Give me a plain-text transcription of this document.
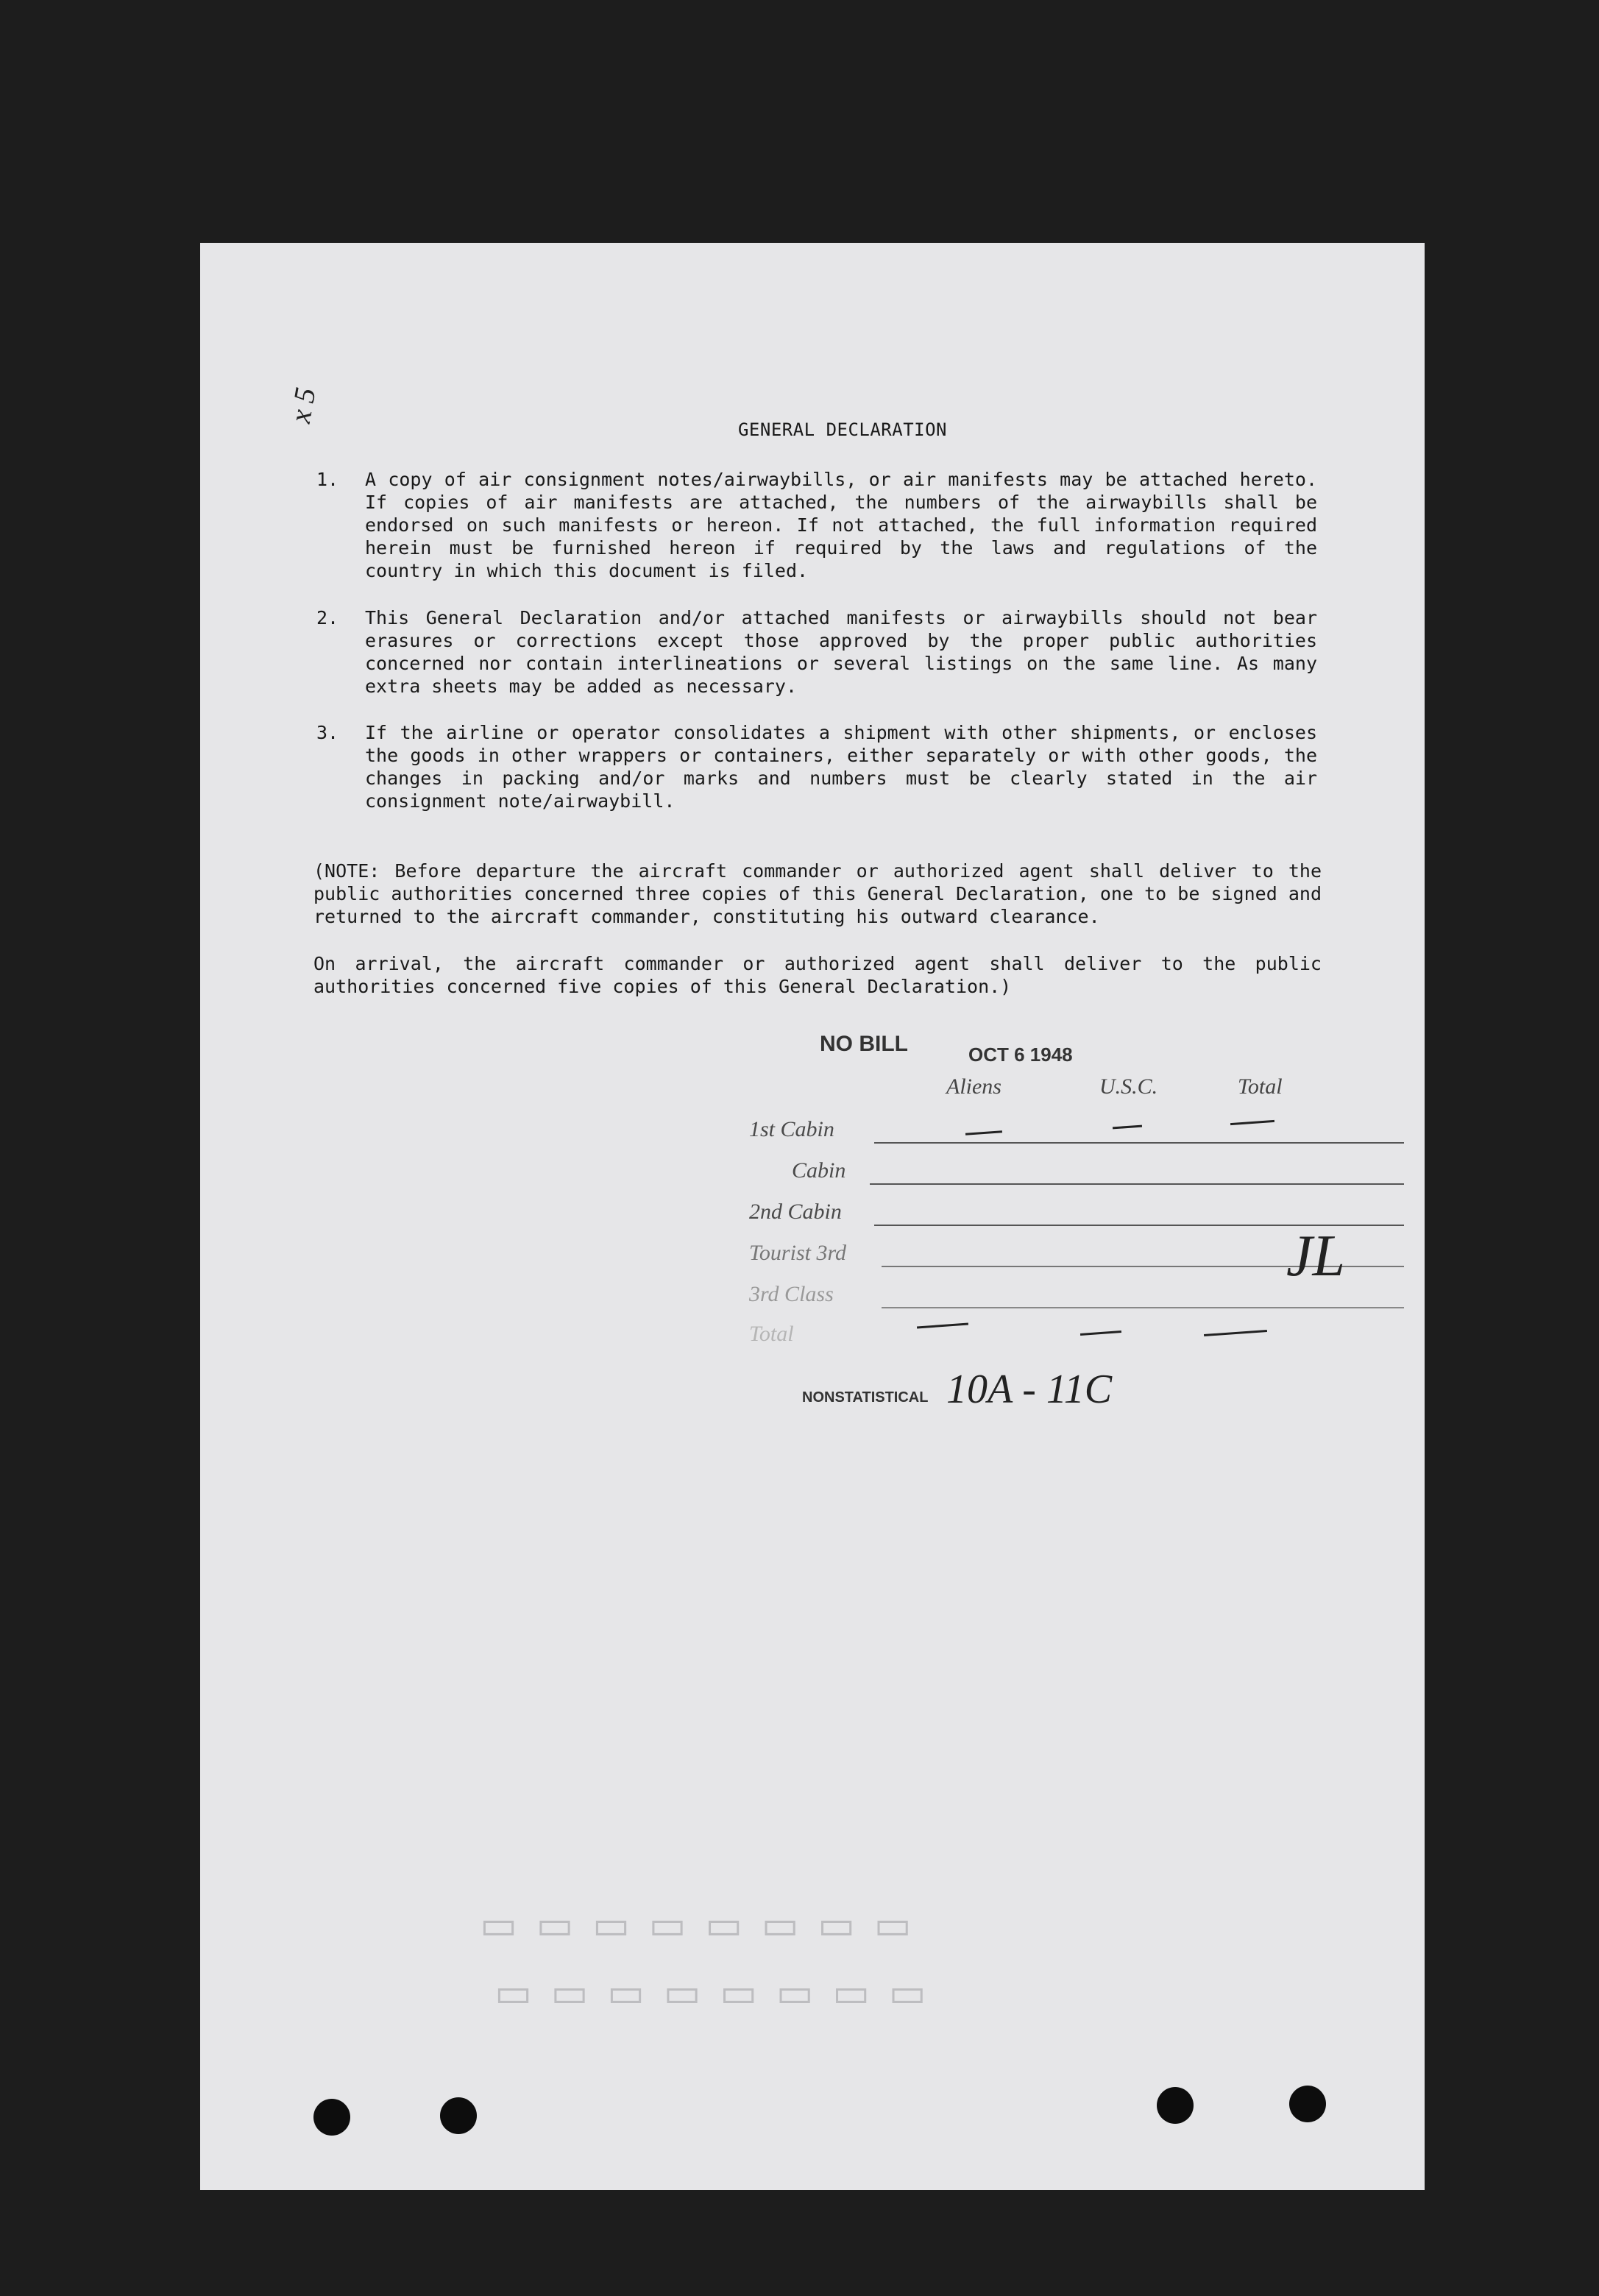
x 5
GENERAL DECLARATION
1.	A copy of air consignment notes/airwaybills, or air manifests may be attached hereto. If copies of air manifests are attached, the numbers of the airwaybills shall be endorsed on such manifests or hereon. If not attached, the full information required herein must be furnished hereon if required by the laws and regulations of the country in which this document is filed.
2.	This General Declaration and/or attached manifests or airwaybills should not bear erasures or corrections except those approved by the proper public authorities concerned nor contain interlineations or several listings on the same line. As many extra sheets may be added as necessary.
3.	If the airline or operator consolidates a shipment with other shipments, or encloses the goods in other wrappers or containers, either separately or with other goods, the changes in packing and/or marks and numbers must be clearly stated in the air consignment note/airwaybill.
(NOTE: Before departure the aircraft commander or authorized agent shall deliver to the public authorities concerned three copies of this General Declaration, one to be signed and returned to the aircraft commander, constituting his outward clearance.
On arrival, the aircraft commander or authorized agent shall deliver to the public authorities concerned five copies of this General Declaration.)
NO BILL	OCT 6 1948
Aliens	U.S.C.	Total
1st Cabin
Cabin
2nd Cabin
Tourist 3rd
3rd Class
Total
JL
NONSTATISTICAL 10A - 11C
▭ ▭ ▭ ▭ ▭ ▭ ▭ ▭
▭ ▭ ▭ ▭ ▭ ▭ ▭ ▭
